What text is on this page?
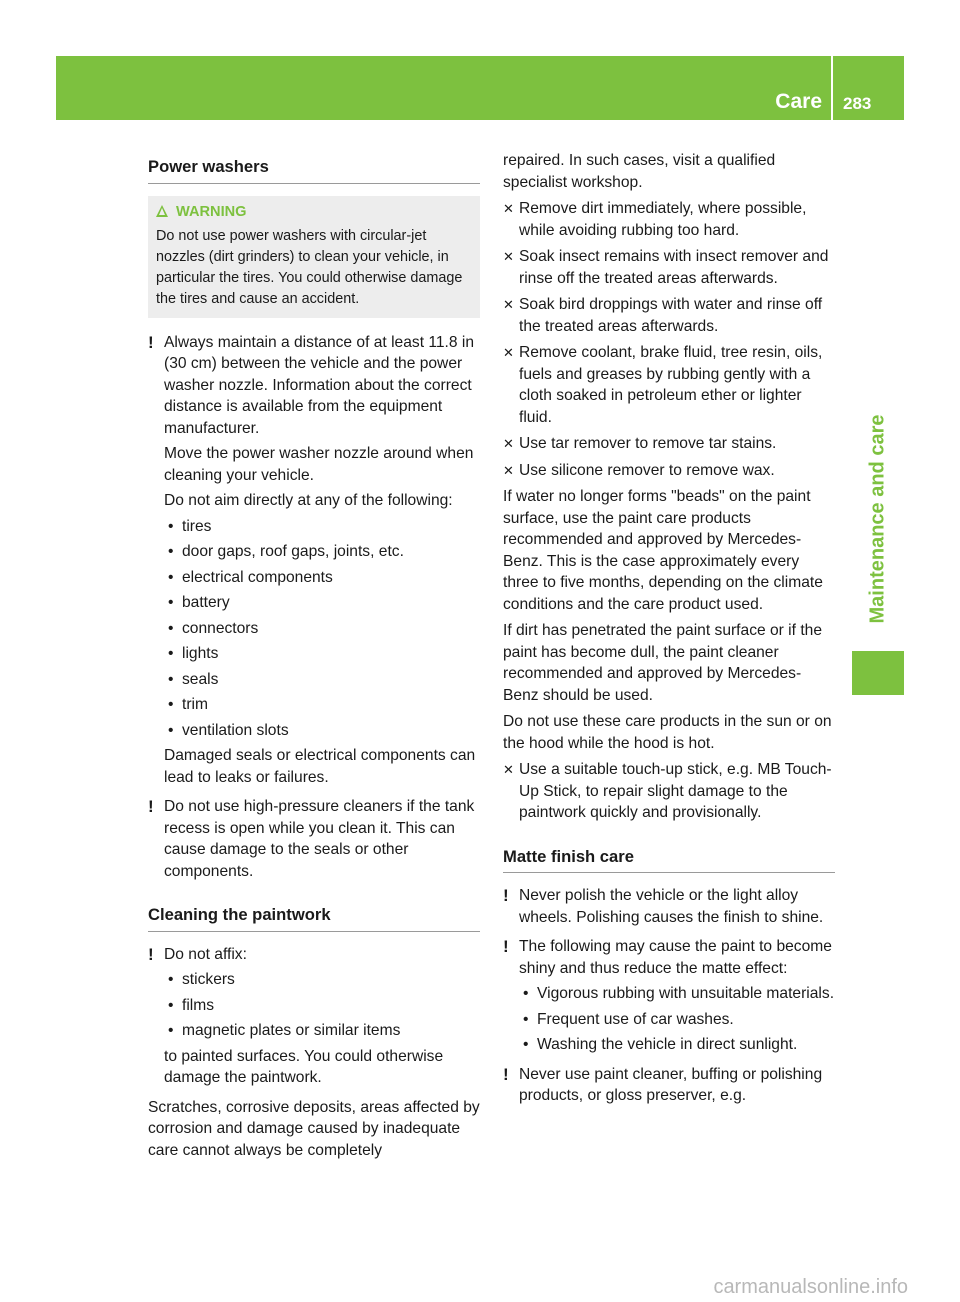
Care 283
Maintenance and care
Power washers
WARNING
Do not use power washers with circular-jet nozzles (dirt grinders) to clean your vehicle, in particular the tires. You could otherwise damage the tires and cause an accident.
! Always maintain a distance of at least 11.8 in (30 cm) between the vehicle and the power washer nozzle. Information about the correct distance is available from the equipment manufacturer.
Move the power washer nozzle around when cleaning your vehicle.
Do not aim directly at any of the following:
• tires
• door gaps, roof gaps, joints, etc.
• electrical components
• battery
• connectors
• lights
• seals
• trim
• ventilation slots
Damaged seals or electrical components can lead to leaks or failures.
! Do not use high-pressure cleaners if the tank recess is open while you clean it. This can cause damage to the seals or other components.
Cleaning the paintwork
! Do not affix:
• stickers
• films
• magnetic plates or similar items
to painted surfaces. You could otherwise damage the paintwork.
Scratches, corrosive deposits, areas affected by corrosion and damage caused by inadequate care cannot always be completely
repaired. In such cases, visit a qualified specialist workshop.
✕ Remove dirt immediately, where possible, while avoiding rubbing too hard.
✕ Soak insect remains with insect remover and rinse off the treated areas afterwards.
✕ Soak bird droppings with water and rinse off the treated areas afterwards.
✕ Remove coolant, brake fluid, tree resin, oils, fuels and greases by rubbing gently with a cloth soaked in petroleum ether or lighter fluid.
✕ Use tar remover to remove tar stains.
✕ Use silicone remover to remove wax.
If water no longer forms "beads" on the paint surface, use the paint care products recommended and approved by Mercedes-Benz. This is the case approximately every three to five months, depending on the climate conditions and the care product used.
If dirt has penetrated the paint surface or if the paint has become dull, the paint cleaner recommended and approved by Mercedes-Benz should be used.
Do not use these care products in the sun or on the hood while the hood is hot.
✕ Use a suitable touch-up stick, e.g. MB Touch-Up Stick, to repair slight damage to the paintwork quickly and provisionally.
Matte finish care
! Never polish the vehicle or the light alloy wheels. Polishing causes the finish to shine.
! The following may cause the paint to become shiny and thus reduce the matte effect:
• Vigorous rubbing with unsuitable materials.
• Frequent use of car washes.
• Washing the vehicle in direct sunlight.
! Never use paint cleaner, buffing or polishing products, or gloss preserver, e.g.
carmanualsonline.info
